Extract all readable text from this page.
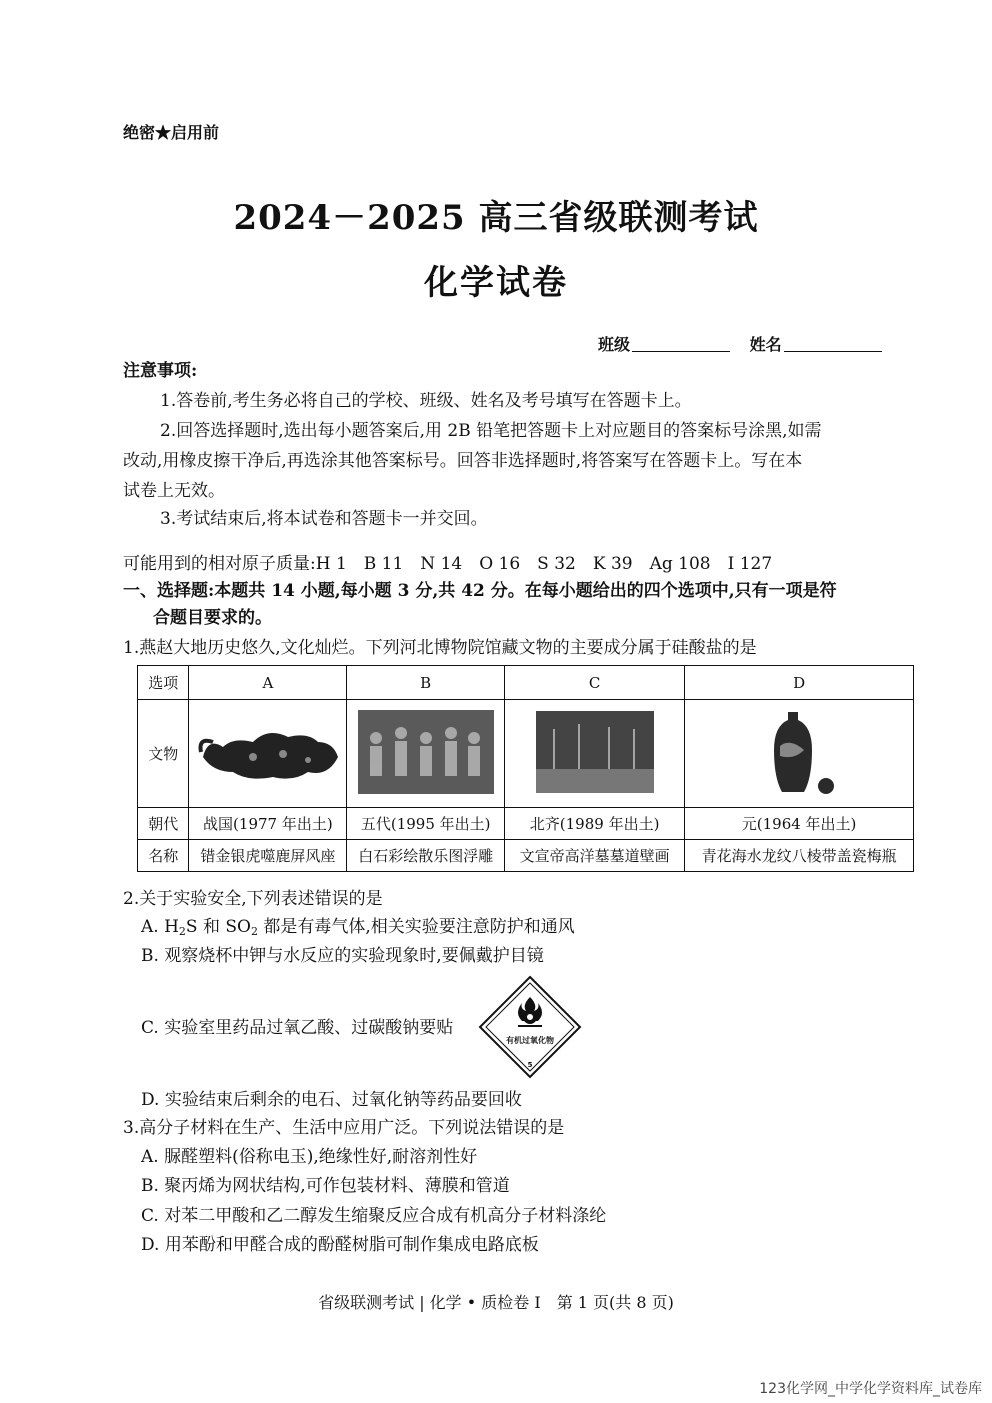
绝密★启用前
2024－2025 高三省级联测考试
化学试卷
班级	姓名
注意事项:
1.答卷前,考生务必将自己的学校、班级、姓名及考号填写在答题卡上。
2.回答选择题时,选出每小题答案后,用 2B 铅笔把答题卡上对应题目的答案标号涂黑,如需
改动,用橡皮擦干净后,再选涂其他答案标号。回答非选择题时,将答案写在答题卡上。写在本
试卷上无效。
3.考试结束后,将本试卷和答题卡一并交回。
可能用到的相对原子质量:H 1　B 11　N 14　O 16　S 32　K 39　Ag 108　I 127
一、选择题:本题共 14 小题,每小题 3 分,共 42 分。在每小题给出的四个选项中,只有一项是符
合题目要求的。
1.燕赵大地历史悠久,文化灿烂。下列河北博物院馆藏文物的主要成分属于硅酸盐的是
选项	A	B	C	D
文物				
朝代	战国(1977 年出土)	五代(1995 年出土)	北齐(1989 年出土)	元(1964 年出土)
名称	错金银虎噬鹿屏风座	白石彩绘散乐图浮雕	文宣帝高洋墓墓道壁画	青花海水龙纹八棱带盖瓷梅瓶
2.关于实验安全,下列表述错误的是
A. $H_2S$ 和 $SO_2$ 都是有毒气体,相关实验要注意防护和通风
B. 观察烧杯中钾与水反应的实验现象时,要佩戴护目镜
C. 实验室里药品过氧乙酸、过碳酸钠要贴
有机过氧化物
5
D. 实验结束后剩余的电石、过氧化钠等药品要回收
3.高分子材料在生产、生活中应用广泛。下列说法错误的是
A. 脲醛塑料(俗称电玉),绝缘性好,耐溶剂性好
B. 聚丙烯为网状结构,可作包装材料、薄膜和管道
C. 对苯二甲酸和乙二醇发生缩聚反应合成有机高分子材料涤纶
D. 用苯酚和甲醛合成的酚醛树脂可制作集成电路底板
省级联测考试 | 化学 • 质检卷 I　第 1 页(共 8 页)
123化学网_中学化学资料库_试卷库
